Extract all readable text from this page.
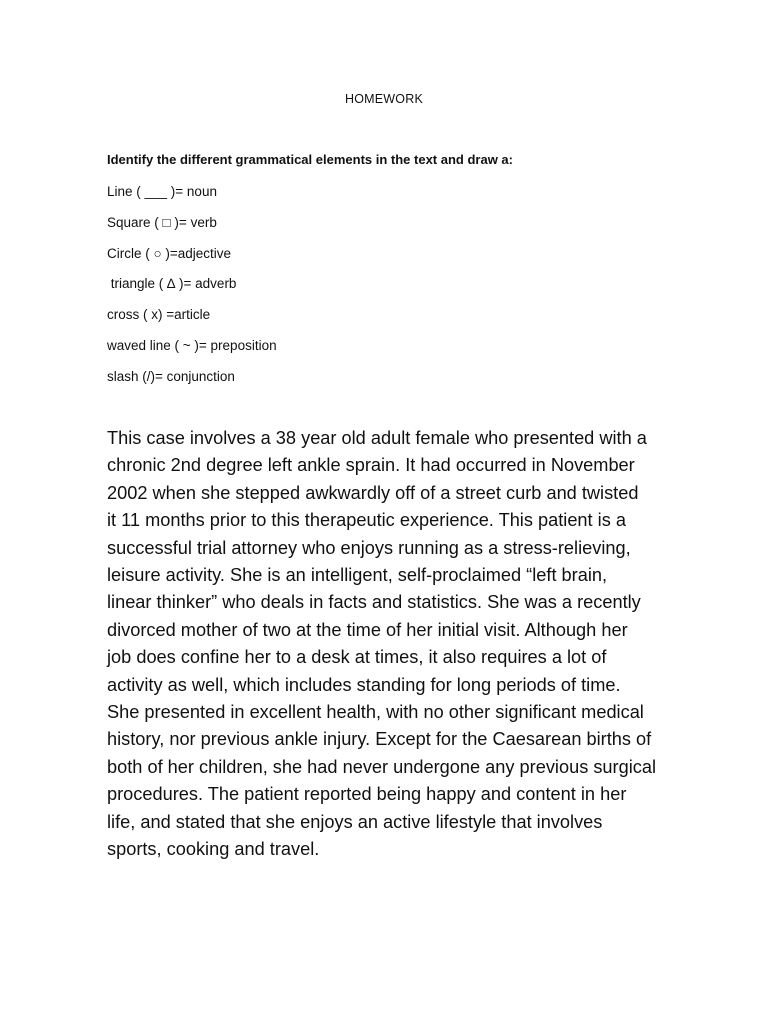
HOMEWORK
Identify the different grammatical elements in the text and draw a:
Line ( ___ )= noun
Square ( □ )= verb
Circle ( ○ )=adjective
triangle ( ∆ )= adverb
cross ( x) =article
waved line ( ~ )= preposition
slash (/)= conjunction

This case involves a 38 year old adult female who presented with a
chronic 2nd degree left ankle sprain. It had occurred in November
2002 when she stepped awkwardly off of a street curb and twisted
it 11 months prior to this therapeutic experience. This patient is a
successful trial attorney who enjoys running as a stress-relieving,
leisure activity. She is an intelligent, self-proclaimed “left brain,
linear thinker” who deals in facts and statistics. She was a recently
divorced mother of two at the time of her initial visit. Although her
job does confine her to a desk at times, it also requires a lot of
activity as well, which includes standing for long periods of time.
She presented in excellent health, with no other significant medical
history, nor previous ankle injury. Except for the Caesarean births of
both of her children, she had never undergone any previous surgical
procedures. The patient reported being happy and content in her
life, and stated that she enjoys an active lifestyle that involves
sports, cooking and travel.
